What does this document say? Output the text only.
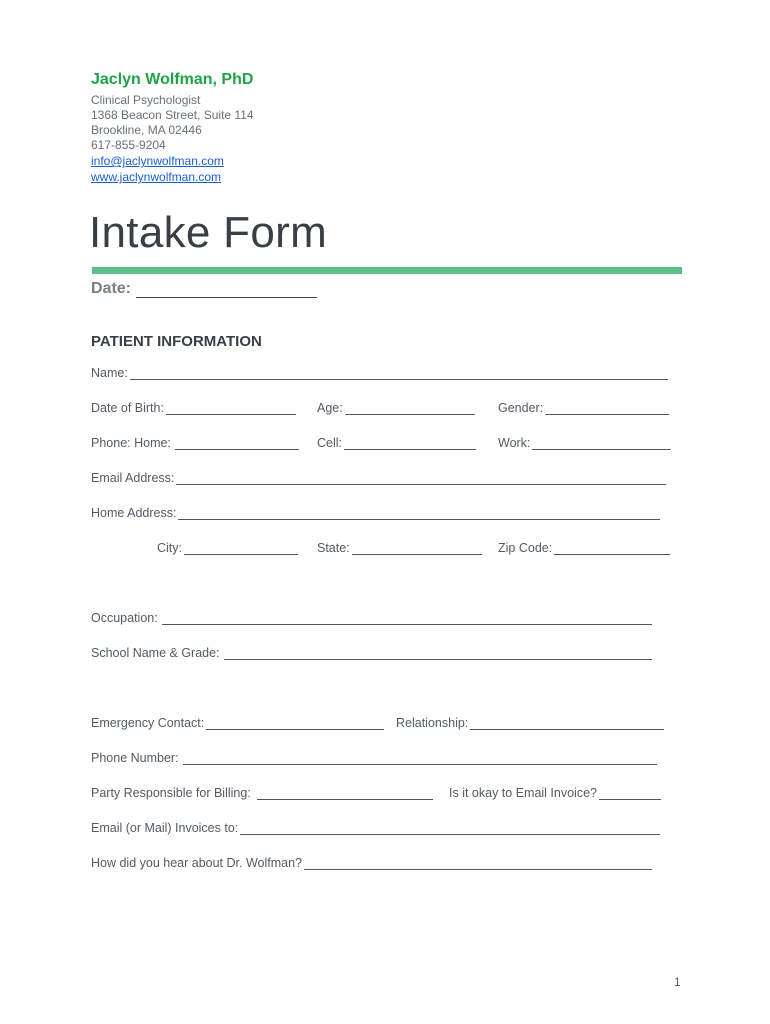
Jaclyn Wolfman, PhD
Clinical Psychologist
1368 Beacon Street, Suite 114
Brookline, MA 02446
617-855-9204
info@jaclynwolfman.com
www.jaclynwolfman.com
Intake Form
Date:
PATIENT INFORMATION
Name:
Date of Birth:	Age:	Gender:
Phone: Home:	Cell:	Work:
Email Address:
Home Address:
City:	State:	Zip Code:
Occupation:
School Name & Grade:
Emergency Contact:	Relationship:
Phone Number:
Party Responsible for Billing:	Is it okay to Email Invoice?
Email (or Mail) Invoices to:
How did you hear about Dr. Wolfman?
1
